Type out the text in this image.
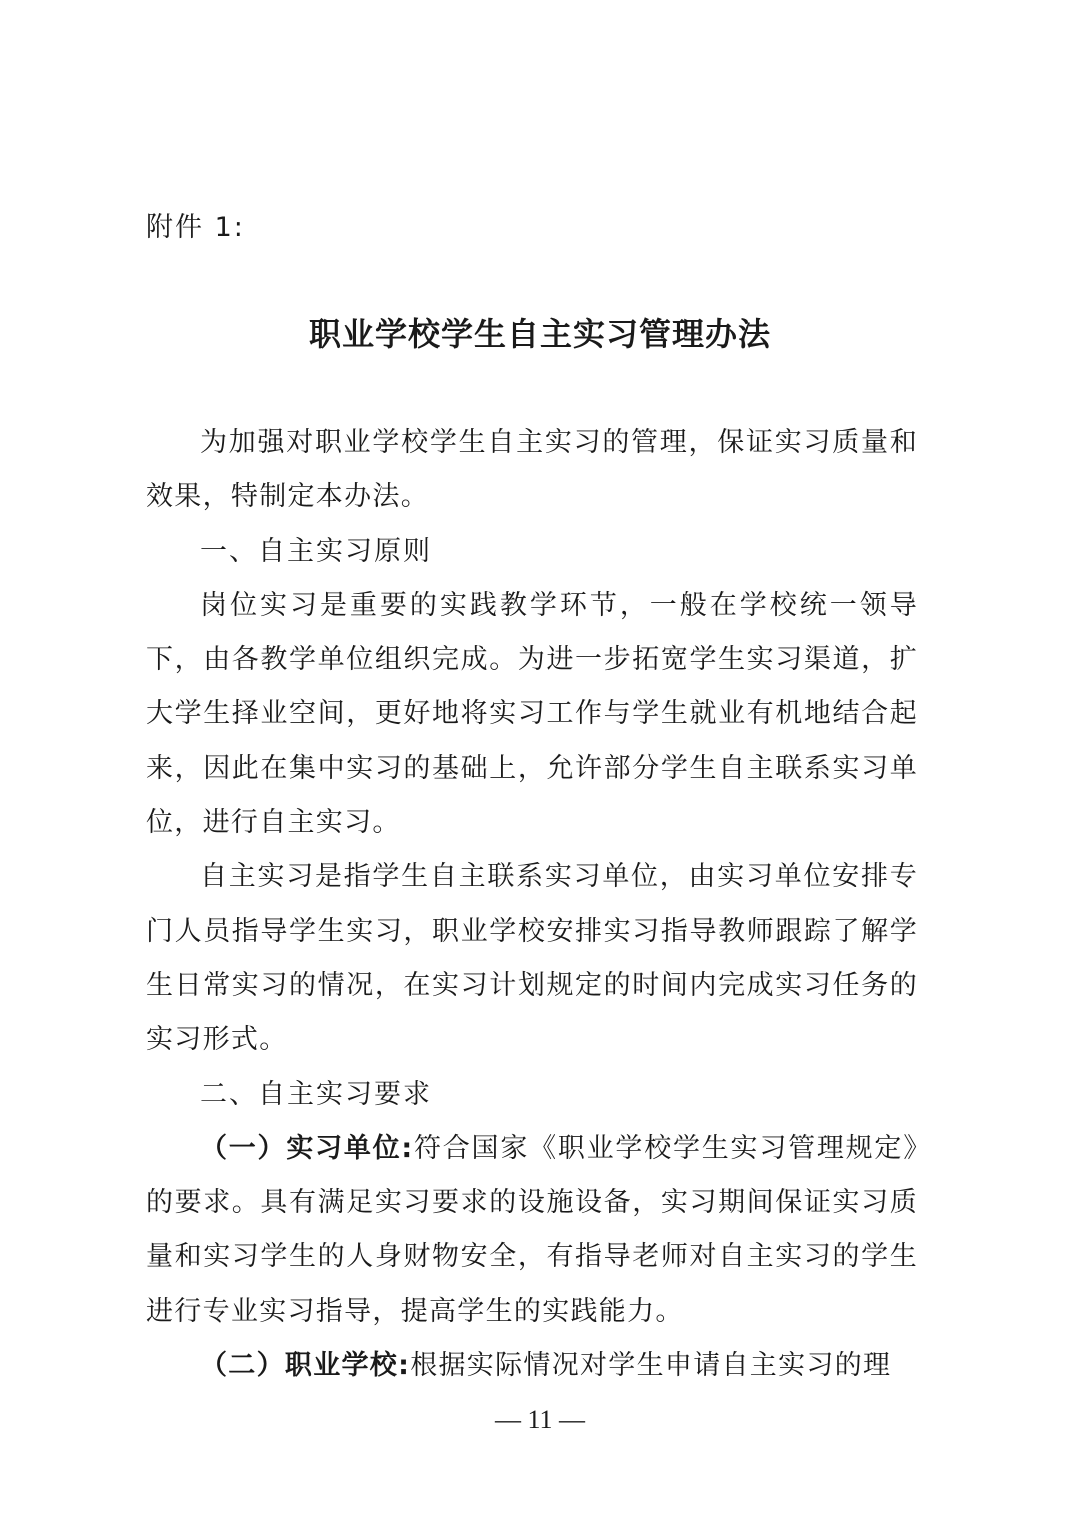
附件 1:
职业学校学生自主实习管理办法

为加强对职业学校学生自主实习的管理，保证实习质量和效果，特制定本办法。

一、自主实习原则

岗位实习是重要的实践教学环节，一般在学校统一领导下，由各教学单位组织完成。为进一步拓宽学生实习渠道，扩大学生择业空间，更好地将实习工作与学生就业有机地结合起来，因此在集中实习的基础上，允许部分学生自主联系实习单位，进行自主实习。

自主实习是指学生自主联系实习单位，由实习单位安排专门人员指导学生实习，职业学校安排实习指导教师跟踪了解学生日常实习的情况，在实习计划规定的时间内完成实习任务的实习形式。

二、自主实习要求

（一）实习单位:符合国家《职业学校学生实习管理规定》的要求。具有满足实习要求的设施设备，实习期间保证实习质量和实习学生的人身财物安全，有指导老师对自主实习的学生进行专业实习指导，提高学生的实践能力。

（二）职业学校:根据实际情况对学生申请自主实习的理

— 11 —
